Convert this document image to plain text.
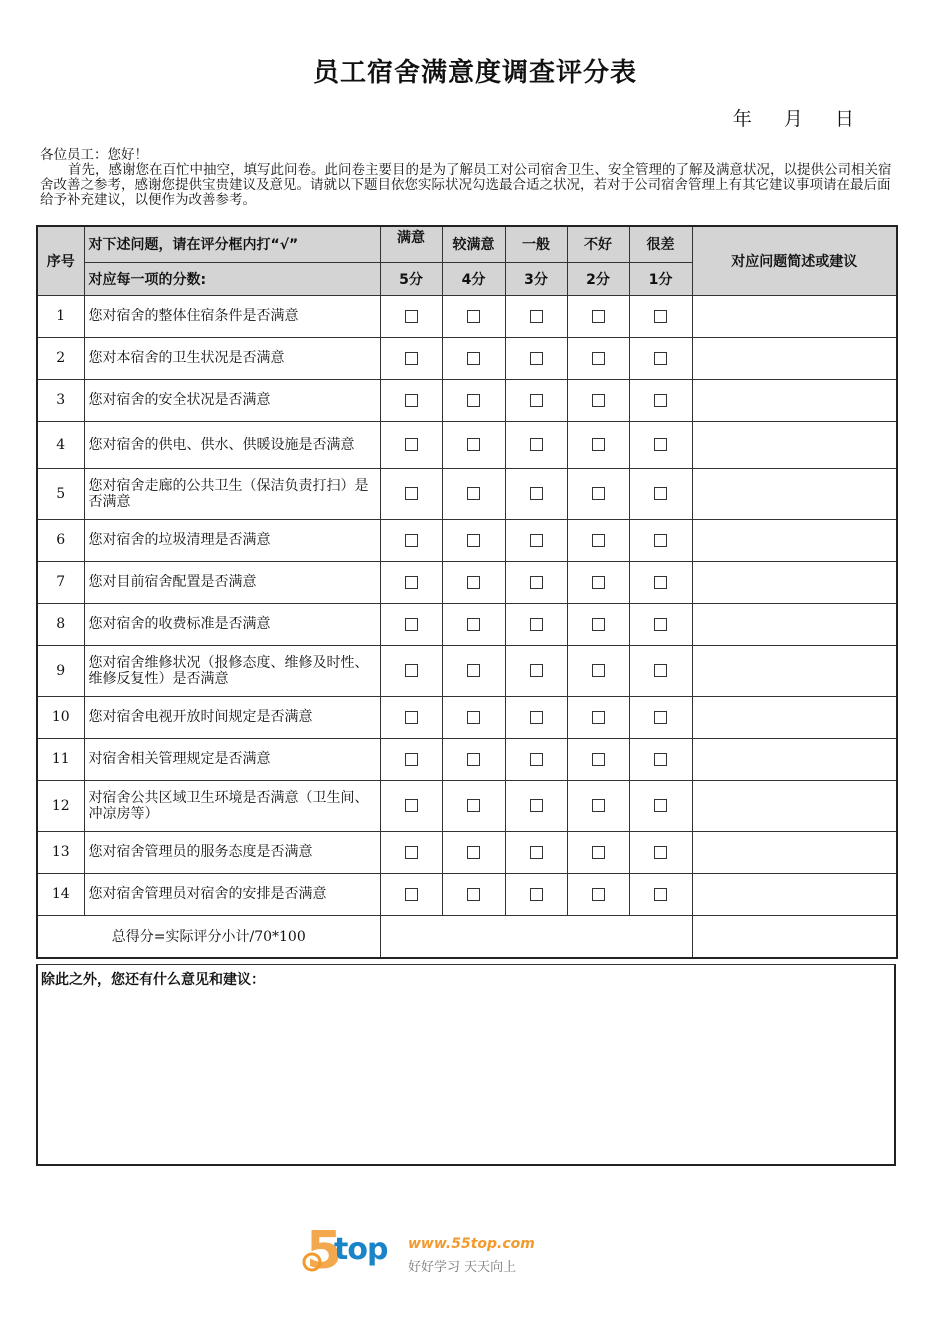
员工宿舍满意度调查评分表
年 月 日
各位员工：您好！
首先，感谢您在百忙中抽空，填写此问卷。此问卷主要目的是为了解员工对公司宿舍卫生、安全管理的了解及满意状况，以提供公司相关宿舍改善之参考，感谢您提供宝贵建议及意见。请就以下题目依您实际状况勾选最合适之状况，若对于公司宿舍管理上有其它建议事项请在最后面给予补充建议，以便作为改善参考。
序号	对下述问题，请在评分框内打“√”	满意	较满意	一般	不好	很差	对应问题简述或建议
	对应每一项的分数:	5分	4分	3分	2分	1分	
1	您对宿舍的整体住宿条件是否满意						
2	您对本宿舍的卫生状况是否满意						
3	您对宿舍的安全状况是否满意						
4	您对宿舍的供电、供水、供暖设施是否满意						
5	您对宿舍走廊的公共卫生（保洁负责打扫）是否满意						
6	您对宿舍的垃圾清理是否满意						
7	您对目前宿舍配置是否满意						
8	您对宿舍的收费标准是否满意						
9	您对宿舍维修状况（报修态度、维修及时性、维修反复性）是否满意						
10	您对宿舍电视开放时间规定是否满意						
11	对宿舍相关管理规定是否满意						
12	对宿舍公共区域卫生环境是否满意（卫生间、冲凉房等）						
13	您对宿舍管理员的服务态度是否满意						
14	您对宿舍管理员对宿舍的安排是否满意						
总得分=实际评分小计/70*100							
除此之外，您还有什么意见和建议：
5
top www.55top.com
好好学习 天天向上
